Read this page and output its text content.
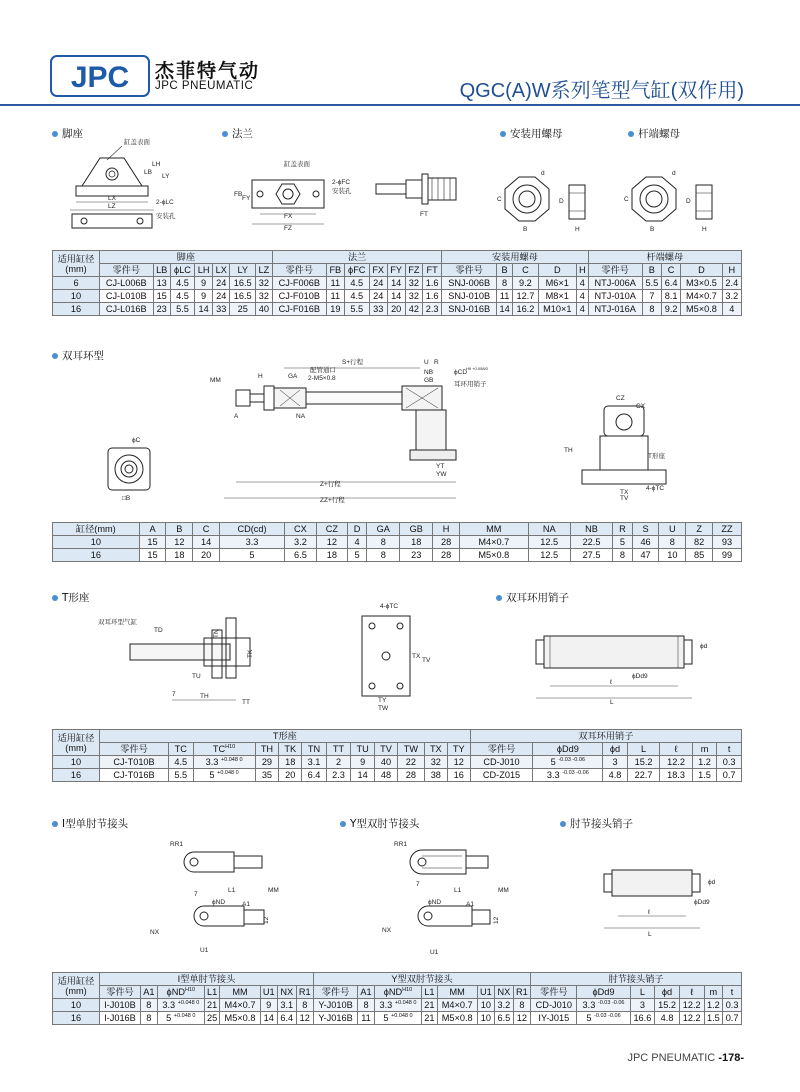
JPC 杰菲特气动
JPC PNEUMATIC	QGC(A)W系列笔型气缸(双作用)
脚座	法兰	安装用螺母	杆端螺母
缸盖表面
LB
LH
LY
LX
LZ
2-ϕLC
安装孔
缸盖表面
2-ϕFC
安装孔
FB
FY
FX
FZ
FT
d
C
B	H
D
d
C
B	H
D
适用缸径
(mm)	脚座							法兰							安装用螺母					杆端螺母				
	零件号	LB	ϕLC	LH	LX	LY	LZ	零件号	FB	ϕFC	FX	FY	FZ	FT	零件号	B	C	D	H	零件号	B	C	D	H
6	CJ-L006B	13	4.5	9	24	16.5	32	CJ-F006B	11	4.5	24	14	32	1.6	SNJ-006B	8	9.2	M6×1	4	NTJ-006A	5.5	6.4	M3×0.5	2.4
10	CJ-L010B	15	4.5	9	24	16.5	32	CJ-F010B	11	4.5	24	14	32	1.6	SNJ-010B	11	12.7	M8×1	4	NTJ-010A	7	8.1	M4×0.7	3.2
16	CJ-L016B	23	5.5	14	33	25	40	CJ-F016B	19	5.5	33	20	42	2.3	SNJ-016B	14	16.2	M10×1	4	NTJ-016A	8	9.2	M5×0.8	4
双耳环型
S+行程
配管通口
2-M5×0.8
U R
NB
GB
ϕCD
H9 +0.058/0
耳环用销子
MM
H	GA
A	NA
YT
YW
Z+行程
ZZ+行程
ϕC
□B
CZ
CX
TH
T形座
4-ϕTC
TX
TV
缸径(mm)	A	B	C	CD(cd)	CX	CZ	D	GA	GB	H	MM	NA	NB	R	S	U	Z	ZZ
10	15	12	14	3.3	3.2	12	4	8	18	28	M4×0.7	12.5	22.5	5	46	8	82	93
16	15	18	20	5	6.5	18	5	8	23	28	M5×0.8	12.5	27.5	8	47	10	85	99
T形座	双耳环用销子
双耳环型气缸
TD	TN
TK
TU
7	TH
TT
4-ϕTC
TX
TV
TY
TW
ϕd
ϕDd9
ℓ
L
适用缸径
(mm)	T形座												双耳环用销子						
	零件号	TC	$TC^{H10}$	TH	TK	TN	TT	TU	TV	TW	TX	TY	零件号	ϕDd9	ϕd	L	ℓ	m	t
10	CJ-T010B	4.5	3.3 $^{+0.048 0}$	29	18	3.1	2	9	40	22	32	12	CD-J010	5 $^{-0.03 -0.06}$	3	15.2	12.2	1.2	0.3
16	CJ-T016B	5.5	5 $^{+0.048 0}$	35	20	6.4	2.3	14	48	28	38	16	CD-Z015	3.3 $^{-0.03 -0.06}$	4.8	22.7	18.3	1.5	0.7
I型单肘节接头	Y型双肘节接头	肘节接头销子
RR1
7
L1	MM
ϕND	A1
NX
12
U1
RR1
7
L1	MM
ϕND	A1
NX
12
U1
ϕd
ϕDd9
ℓ
L
适用缸径
(mm)	I型单肘节接头								Y型双肘节接头								肘节接头销子						
	零件号	A1	ϕND$^{H10}$	L1	MM	U1	NX	R1	零件号	A1	ϕND$^{H10}$	L1	MM	U1	NX	R1	零件号	ϕDd9	L	ϕd	ℓ	m	t
10	I-J010B	8	3.3 $^{+0.048 0}$	21	M4×0.7	9	3.1	8	Y-J010B	8	3.3 $^{+0.048 0}$	21	M4×0.7	10	3.2	8	CD-J010	3.3 $^{-0.03 -0.06}$	3	15.2	12.2	1.2	0.3
16	I-J016B	8	5 $^{+0.048 0}$	25	M5×0.8	14	6.4	12	Y-J016B	11	5 $^{+0.048 0}$	21	M5×0.8	10	6.5	12	IY-J015	5 $^{-0.03 -0.06}$	16.6	4.8	12.2	1.5	0.7
JPC PNEUMATIC -178-
